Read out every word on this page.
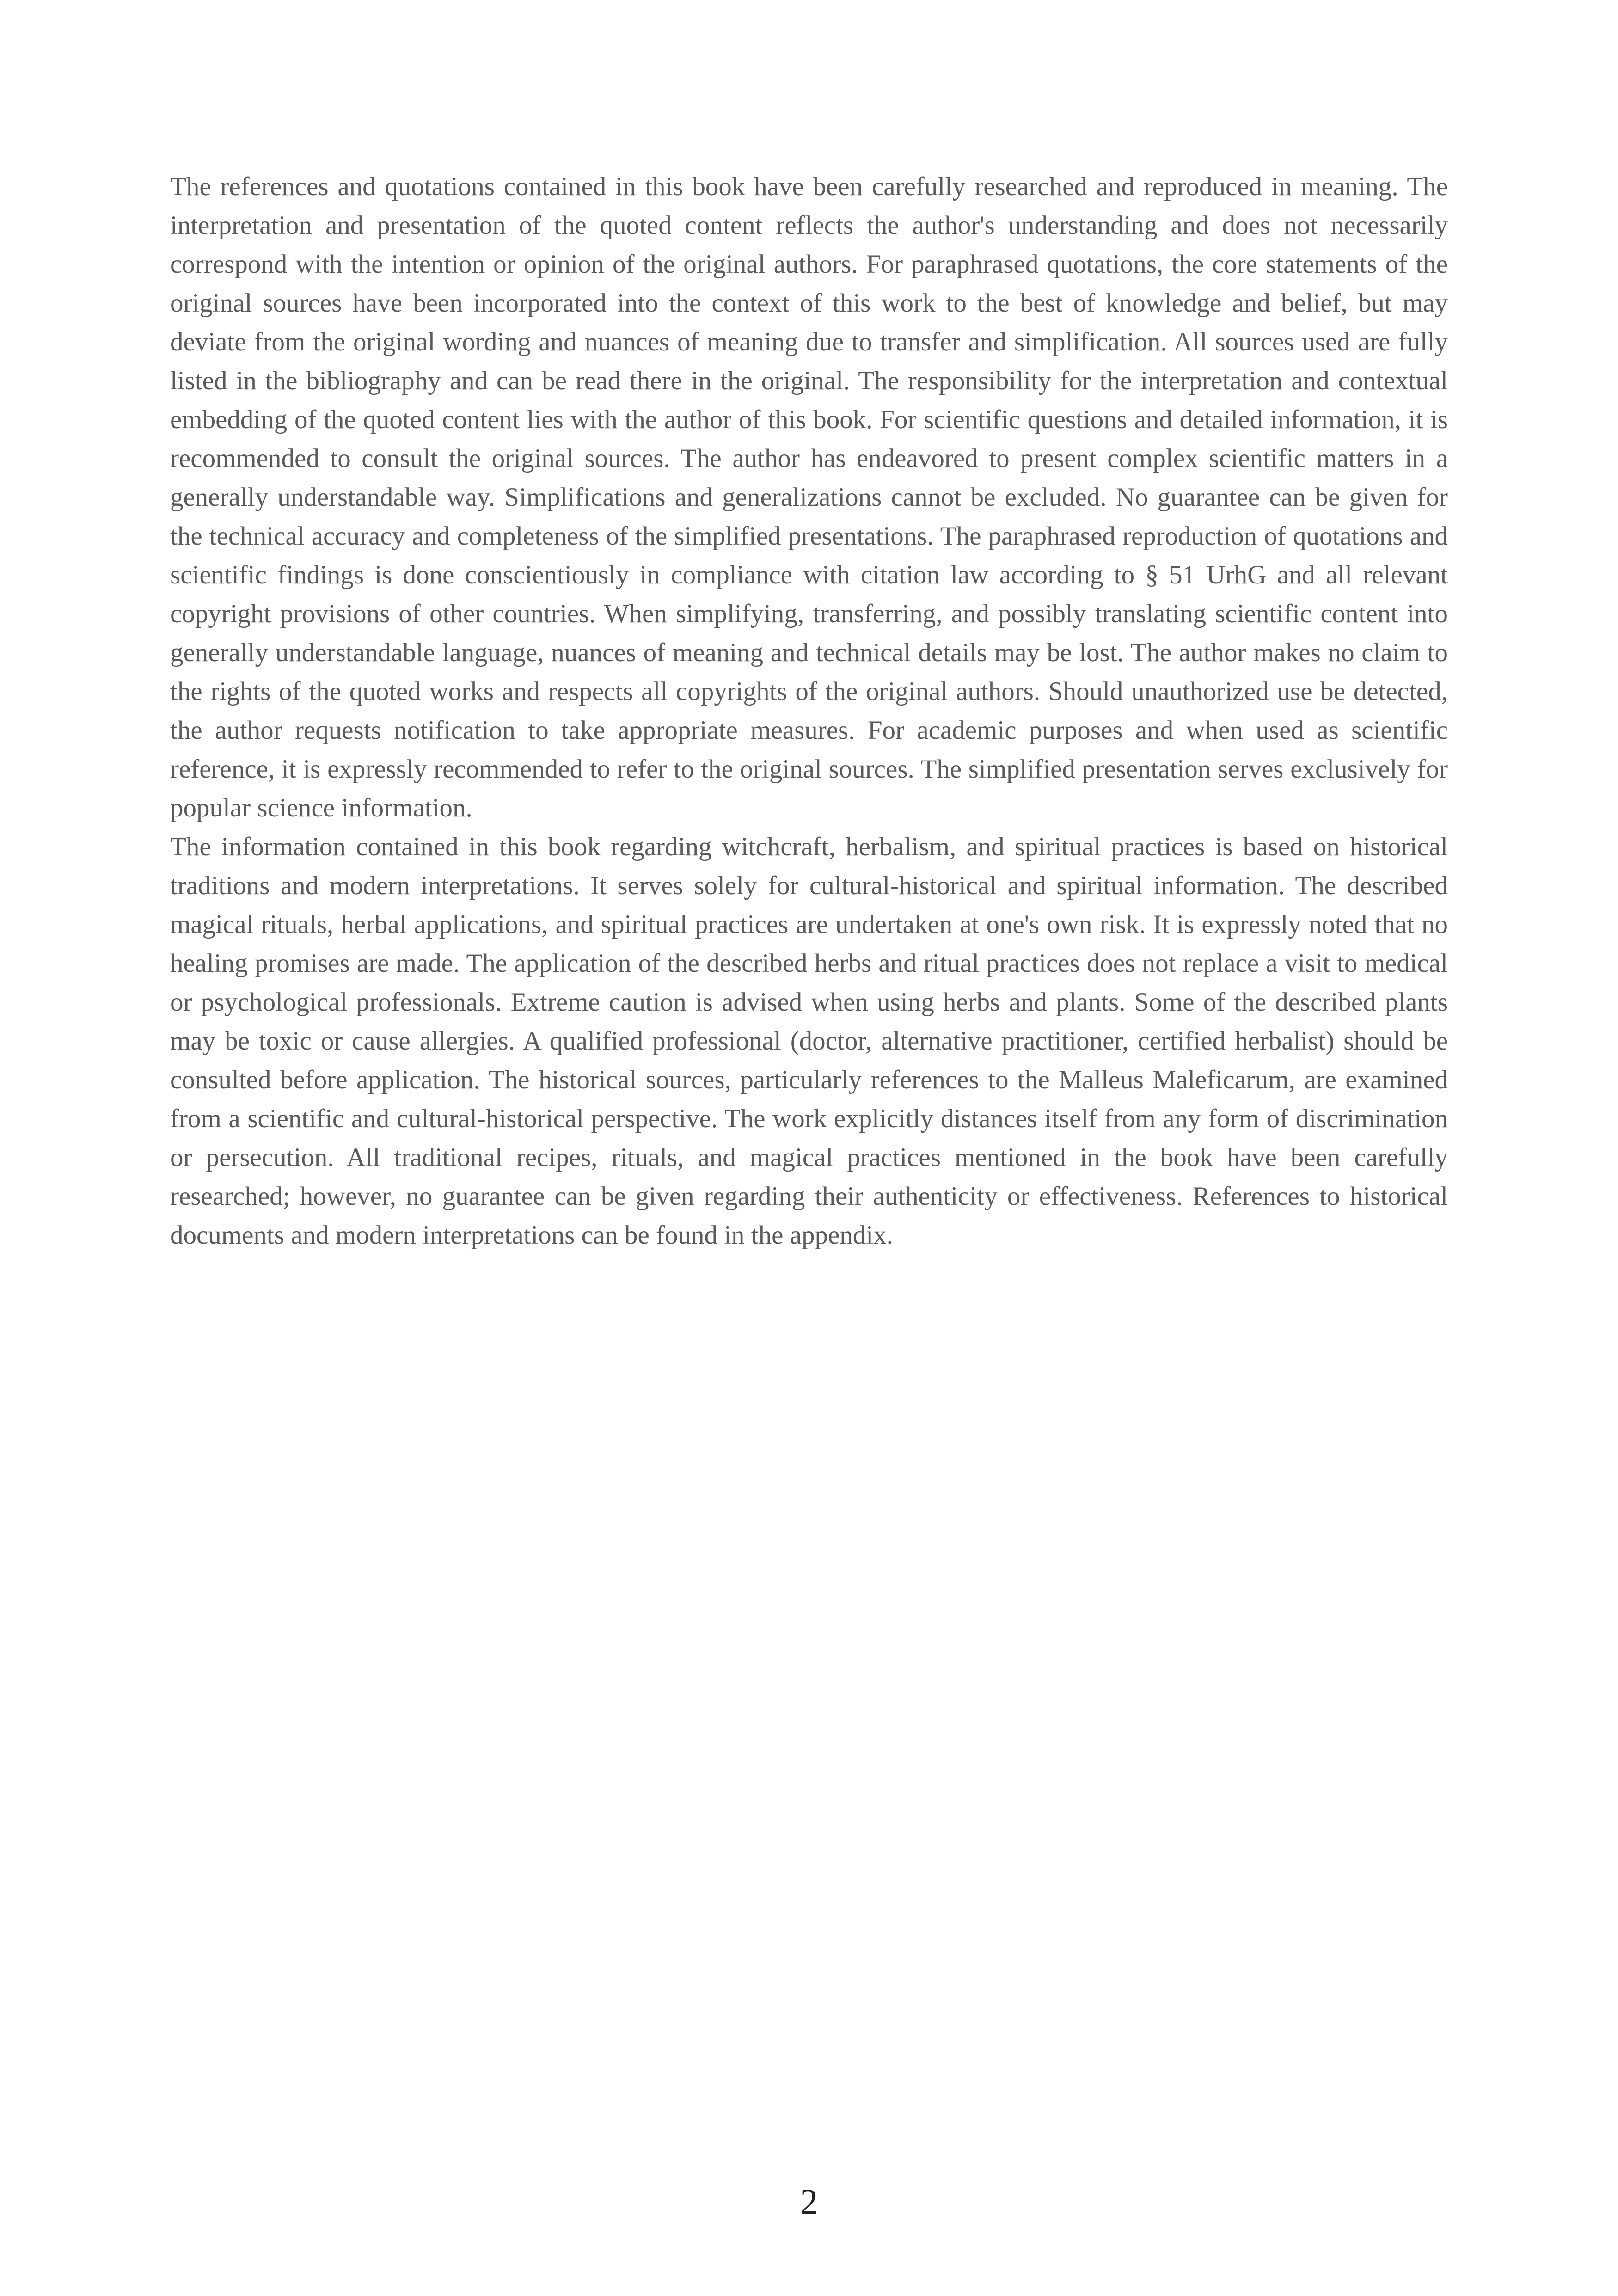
The references and quotations contained in this book have been carefully researched and reproduced in meaning. The interpretation and presentation of the quoted content reflects the author's understanding and does not necessarily correspond with the intention or opinion of the original authors. For paraphrased quotations, the core statements of the original sources have been incorporated into the context of this work to the best of knowledge and belief, but may deviate from the original wording and nuances of meaning due to transfer and simplification. All sources used are fully listed in the bibliography and can be read there in the original. The responsibility for the interpretation and contextual embedding of the quoted content lies with the author of this book. For scientific questions and detailed information, it is recommended to consult the original sources. The author has endeavored to present complex scientific matters in a generally understandable way. Simplifications and generalizations cannot be excluded. No guarantee can be given for the technical accuracy and completeness of the simplified presentations. The paraphrased reproduction of quotations and scientific findings is done conscientiously in compliance with citation law according to § 51 UrhG and all relevant copyright provisions of other countries. When simplifying, transferring, and possibly translating scientific content into generally understandable language, nuances of meaning and technical details may be lost. The author makes no claim to the rights of the quoted works and respects all copyrights of the original authors. Should unauthorized use be detected, the author requests notification to take appropriate measures. For academic purposes and when used as scientific reference, it is expressly recommended to refer to the original sources. The simplified presentation serves exclusively for popular science information.

The information contained in this book regarding witchcraft, herbalism, and spiritual practices is based on historical traditions and modern interpretations. It serves solely for cultural-historical and spiritual information. The described magical rituals, herbal applications, and spiritual practices are undertaken at one's own risk. It is expressly noted that no healing promises are made. The application of the described herbs and ritual practices does not replace a visit to medical or psychological professionals. Extreme caution is advised when using herbs and plants. Some of the described plants may be toxic or cause allergies. A qualified professional (doctor, alternative practitioner, certified herbalist) should be consulted before application. The historical sources, particularly references to the Malleus Maleficarum, are examined from a scientific and cultural-historical perspective. The work explicitly distances itself from any form of discrimination or persecution. All traditional recipes, rituals, and magical practices mentioned in the book have been carefully researched; however, no guarantee can be given regarding their authenticity or effectiveness. References to historical documents and modern interpretations can be found in the appendix.

2
